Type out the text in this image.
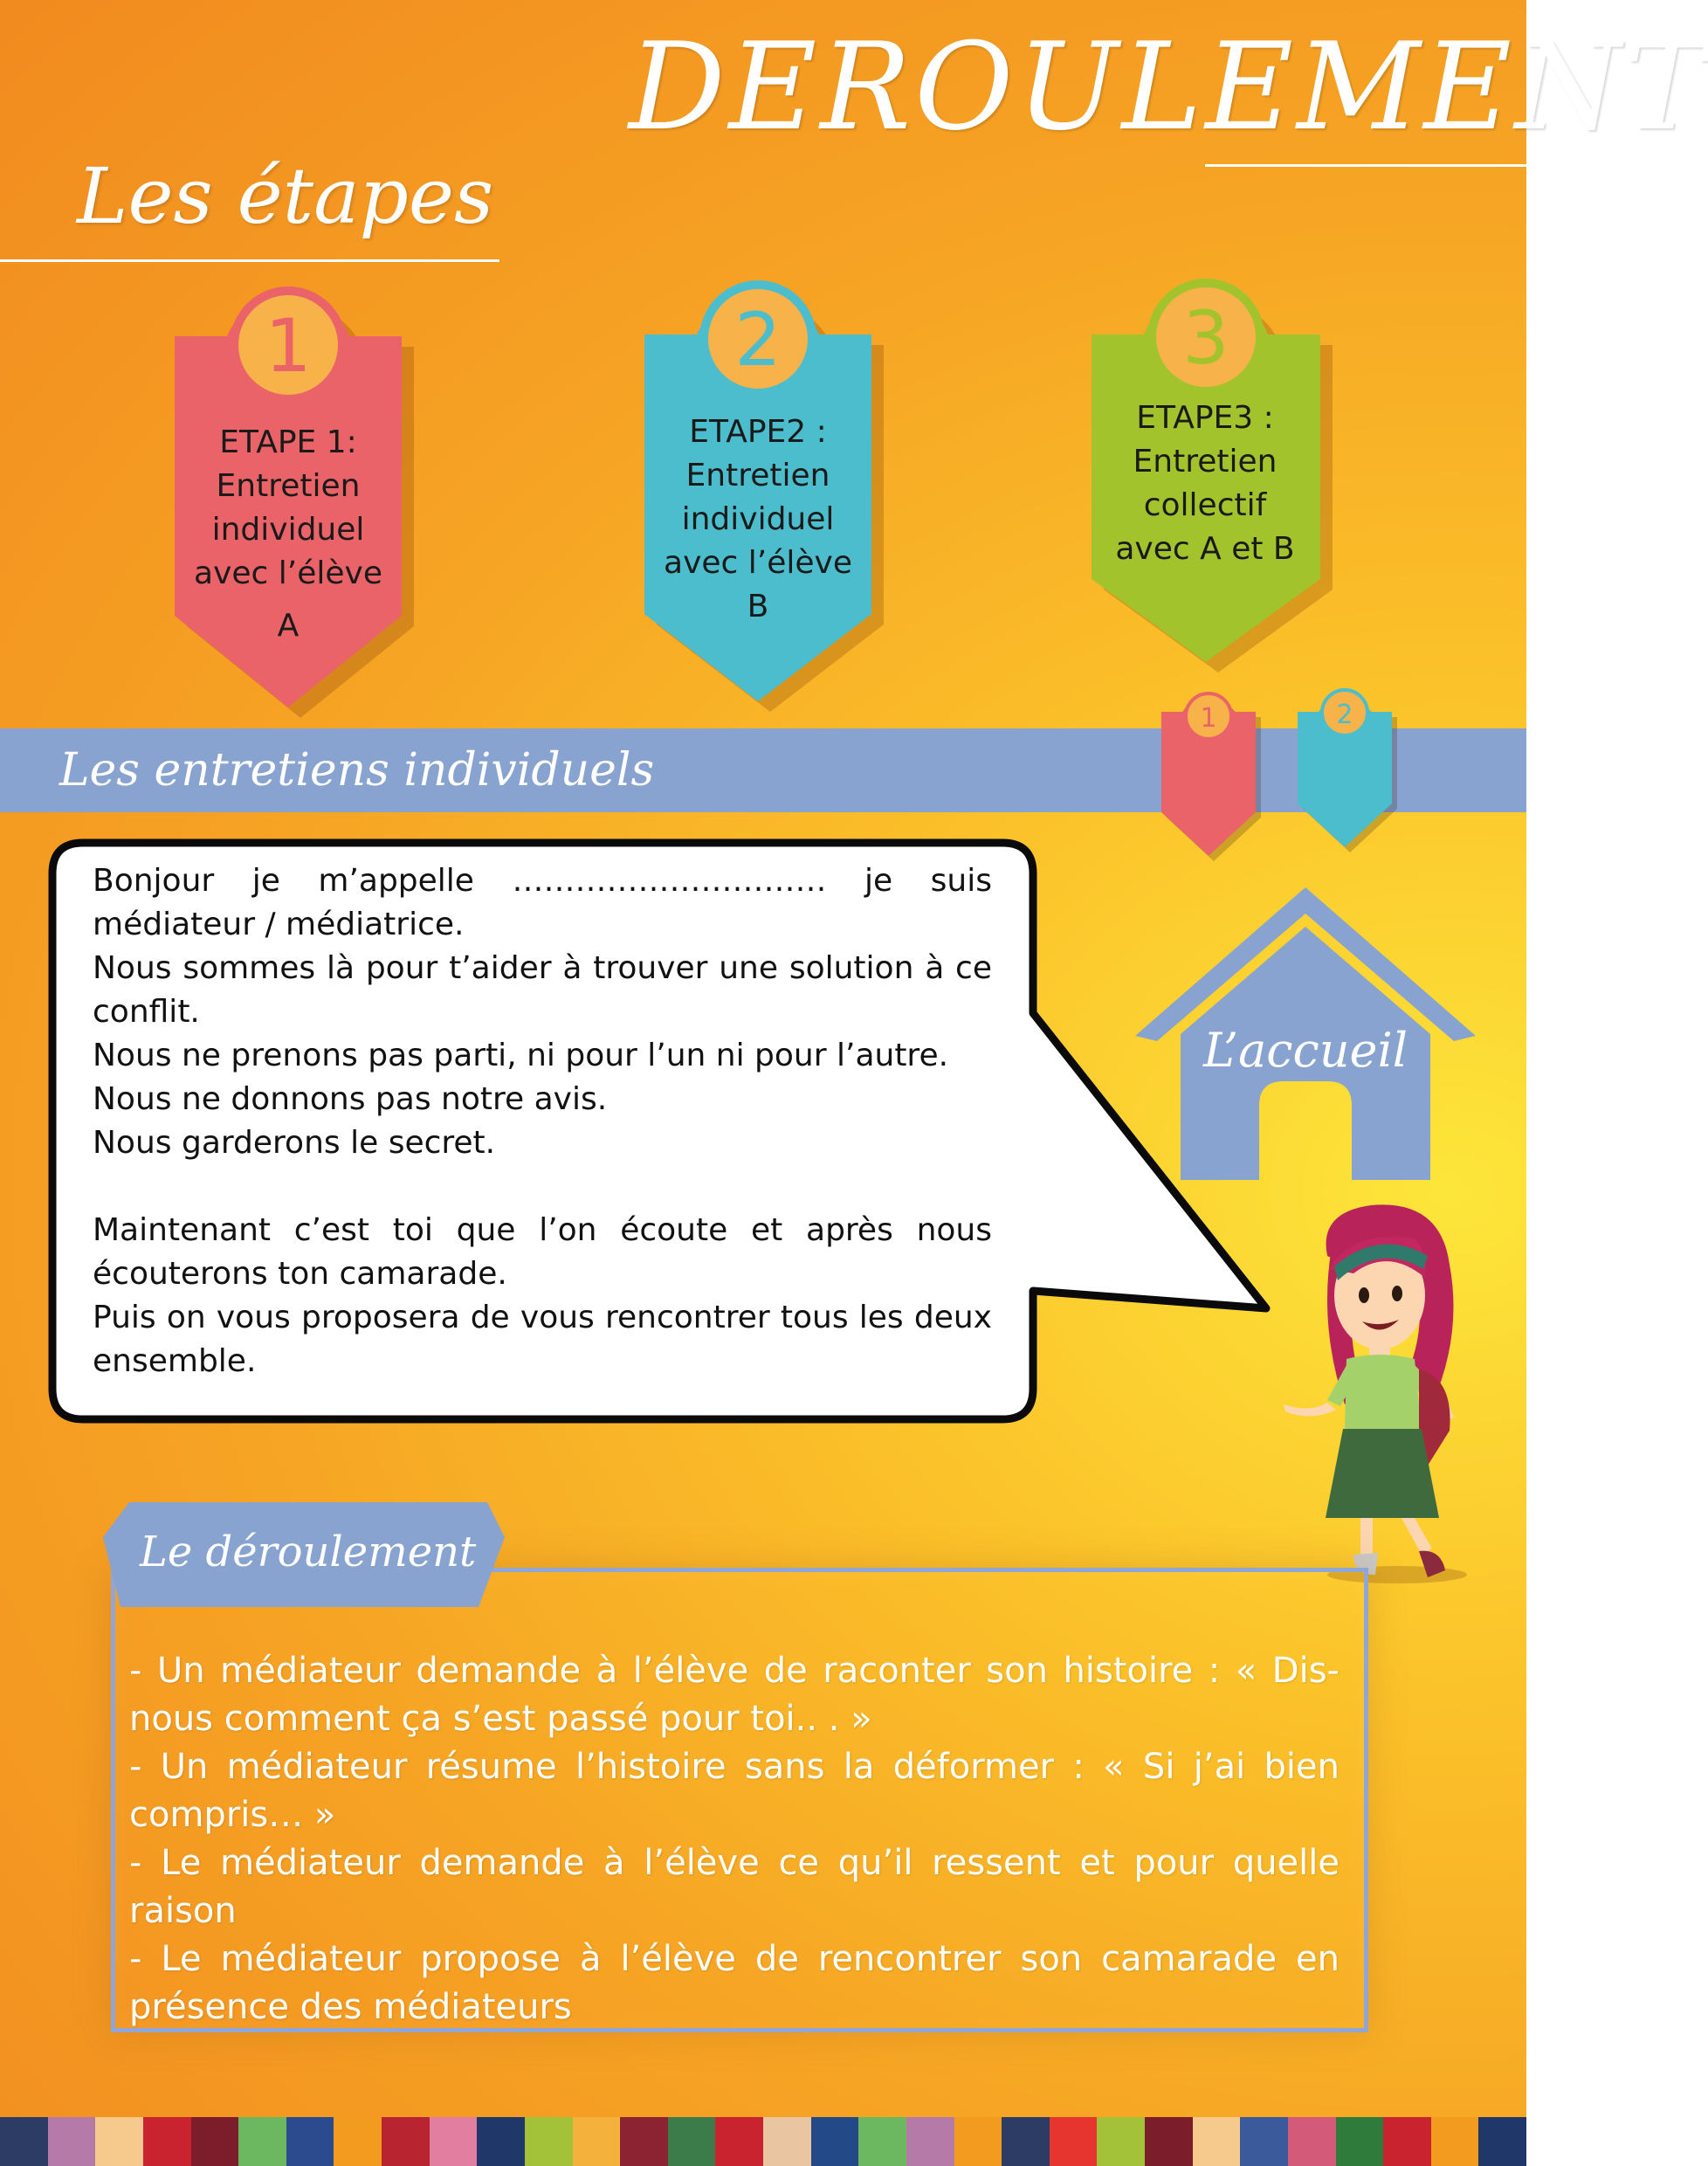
DEROULEMENT
Les étapes
1
ETAPE 1:
Entretien
individuel
avec l’élève
A
2
ETAPE2 :
Entretien
individuel
avec l’élève
B
3
ETAPE3 :
Entretien
collectif
avec A et B
Les entretiens individuels
1	2

Bonjour je m’appelle ………………………… je suis médiateur / médiatrice.

Nous sommes là pour t’aider à trouver une solution à ce conflit.

Nous ne prenons pas parti, ni pour l’un ni pour l’autre.

Nous ne donnons pas notre avis.

Nous garderons le secret.

Maintenant c’est toi que l’on écoute et après nous écouterons ton camarade.

Puis on vous proposera de vous rencontrer tous les deux ensemble.

L’accueil
Le déroulement

- Un médiateur demande à l’élève de raconter son histoire : « Dis-nous comment ça s’est passé pour toi.. . »

- Un médiateur résume l’histoire sans la déformer : « Si j’ai bien compris… »

- Le médiateur demande à l’élève ce qu’il ressent et pour quelle raison

- Le médiateur propose à l’élève de rencontrer son camarade en présence des médiateurs
